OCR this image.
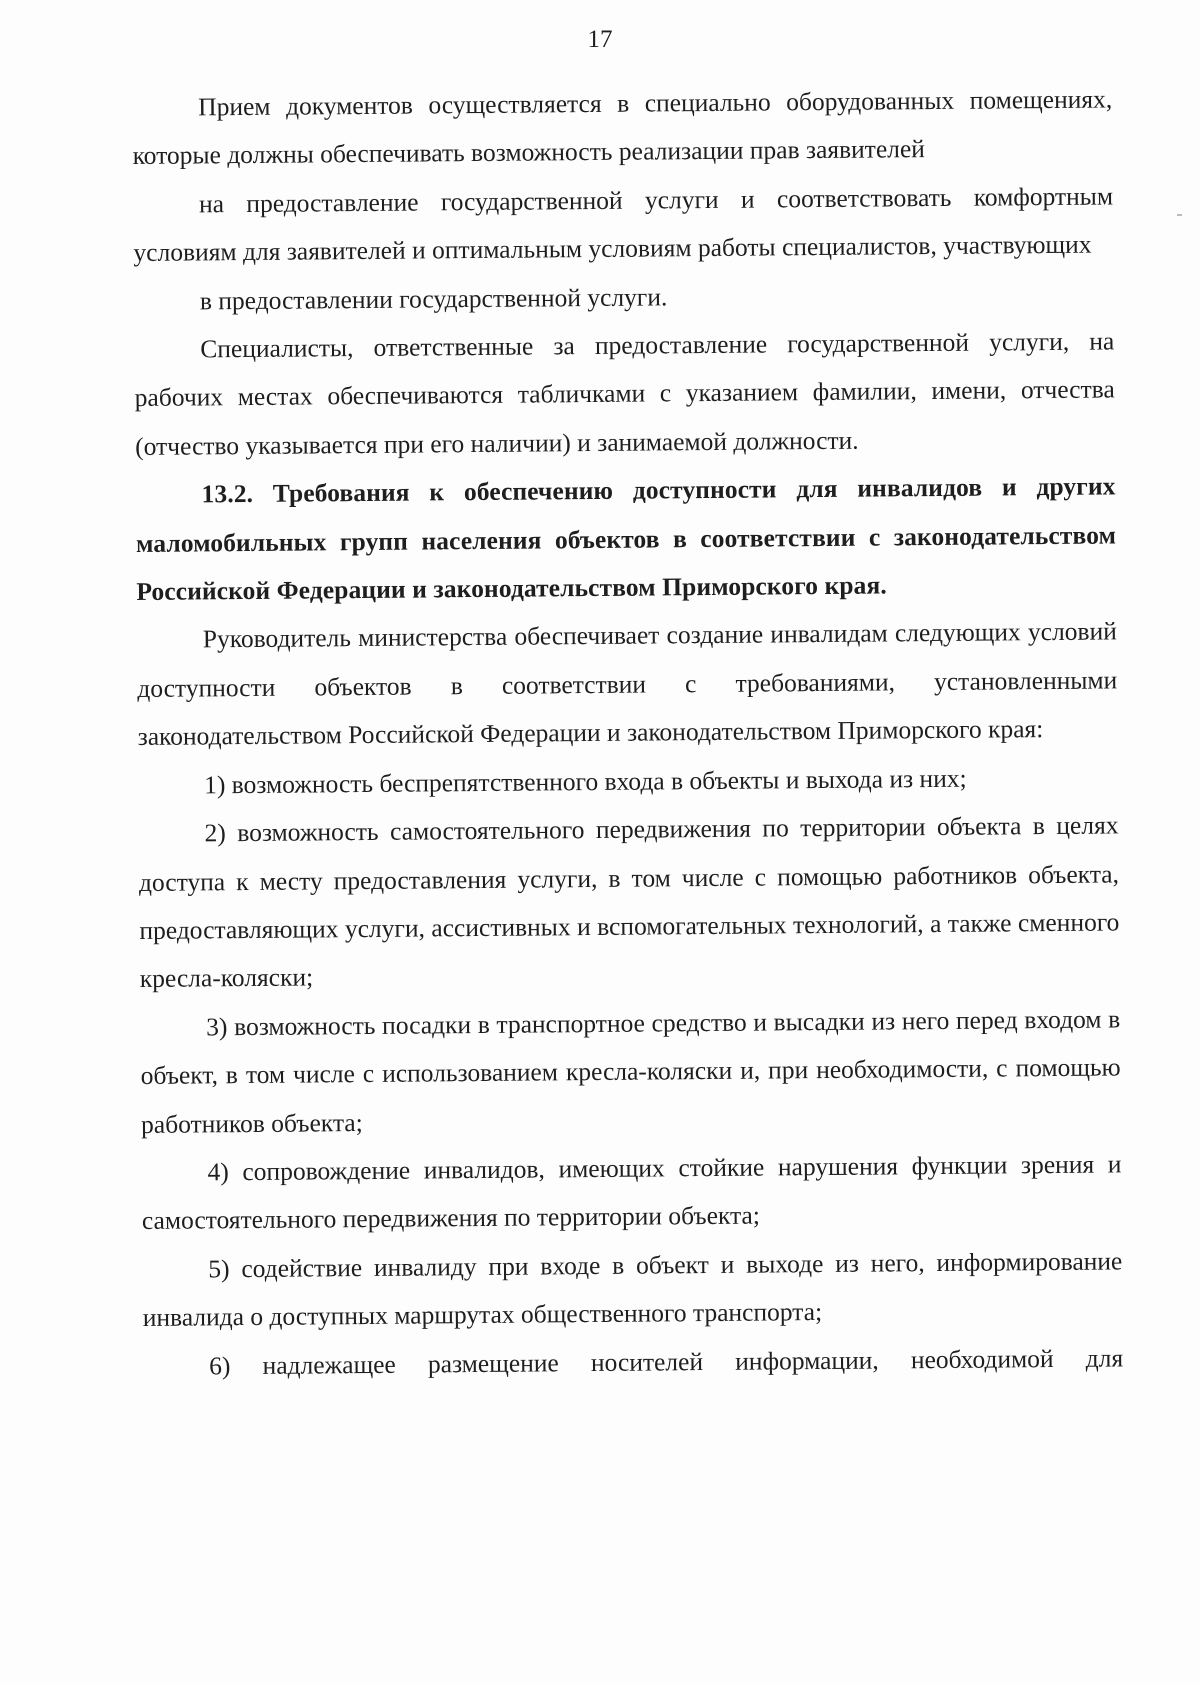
17

Прием документов осуществляется в специально оборудованных помещениях, которые должны обеспечивать возможность реализации прав заявителей

на предоставление государственной услуги и соответствовать комфортным условиям для заявителей и оптимальным условиям работы специалистов, участвующих

в предоставлении государственной услуги.

Специалисты, ответственные за предоставление государственной услуги, на рабочих местах обеспечиваются табличками с указанием фамилии, имени, отчества (отчество указывается при его наличии) и занимаемой должности.

13.2. Требования к обеспечению доступности для инвалидов и других маломобильных групп населения объектов в соответствии с законодательством Российской Федерации и законодательством Приморского края.

Руководитель министерства обеспечивает создание инвалидам следующих условий доступности объектов в соответствии с требованиями, установленными законодательством Российской Федерации и законодательством Приморского края:

1) возможность беспрепятственного входа в объекты и выхода из них;

2) возможность самостоятельного передвижения по территории объекта в целях доступа к месту предоставления услуги, в том числе с помощью работников объекта, предоставляющих услуги, ассистивных и вспомогательных технологий, а также сменного кресла-коляски;

3) возможность посадки в транспортное средство и высадки из него перед входом в объект, в том числе с использованием кресла-коляски и, при необходимости, с помощью работников объекта;

4) сопровождение инвалидов, имеющих стойкие нарушения функции зрения и самостоятельного передвижения по территории объекта;

5) содействие инвалиду при входе в объект и выходе из него, информирование инвалида о доступных маршрутах общественного транспорта;

6) надлежащее размещение носителей информации, необходимой для
